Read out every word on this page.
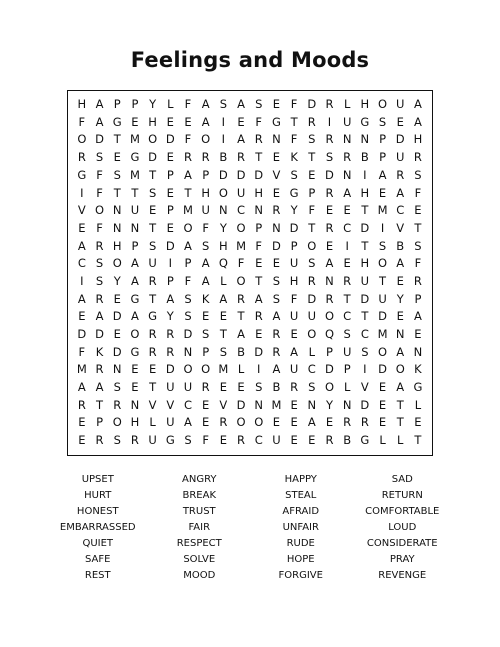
Feelings and Moods
H A P P Y L F A S A S E F D R L H O U A
F A G E H E E A	I	E F G T R	I	U G S E A
O D T M O D F O I	A R N F S R N N P D H
R S E G D E R R B R T E K T S R B P U R
G F S M T P A P D D D V S E D N	I	A R S
I	F T T S E T H O U H E G P R A H E A F
V O N U E P M U N C N R Y F E E T M C E
E F N N T E O F Y O P N D T R C D	I	V T
A R H P S D A S H M F D P O E	I	T S B S
C S O A U	I	P A Q F E E U S A E H O A F
I	S Y A R P F A L O T S H R N R U T E R
A R E G T A S K A R A S F D R T D U Y P
E A D A G Y S E E T R A U U O C T D E A
D D E O R R D S T A E R E O Q S C M N E
F K D G R R N P S B D R A L P U S O A N
M R N E E D O O M L	I	A U C D P	I	D O K
A A S E T U U R E E S B R S O L V E A G
R T R N V V C E V D N M E N Y N D E T L
E P O H L U A E R O O E E A E R R E T E
E R S R U G S F E R C U E E R B G L L T
UPSET	ANGRY	HAPPY	SAD
HURT	BREAK	STEAL	RETURN
HONEST	TRUST	AFRAID	COMFORTABLE
EMBARRASSED	FAIR	UNFAIR	LOUD
QUIET	RESPECT	RUDE	CONSIDERATE
SAFE	SOLVE	HOPE	PRAY
REST	MOOD	FORGIVE	REVENGE
